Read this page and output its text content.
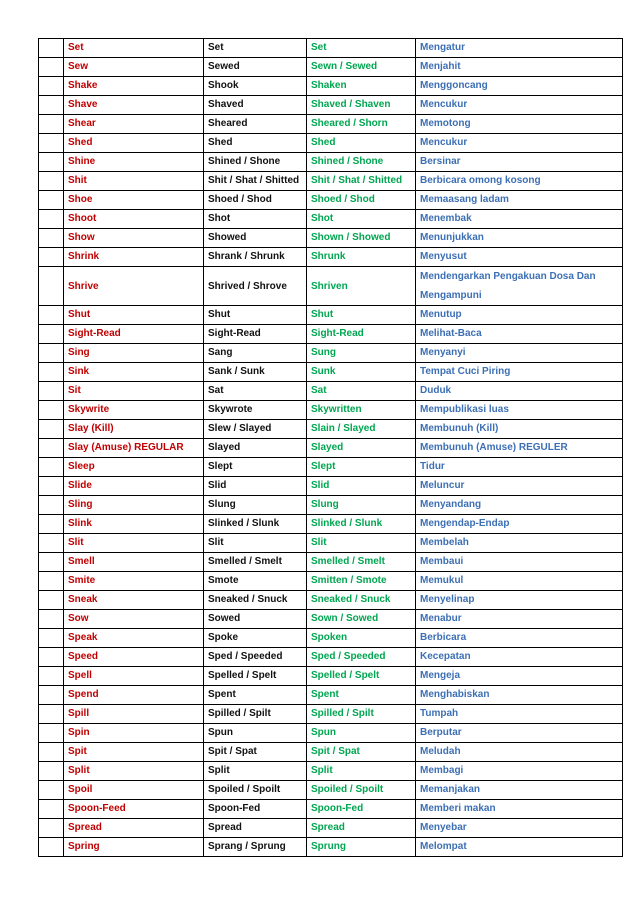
	Set	Set	Set	Mengatur
	Sew	Sewed	Sewn / Sewed	Menjahit
	Shake	Shook	Shaken	Menggoncang
	Shave	Shaved	Shaved / Shaven	Mencukur
	Shear	Sheared	Sheared / Shorn	Memotong
	Shed	Shed	Shed	Mencukur
	Shine	Shined / Shone	Shined / Shone	Bersinar
	Shit	Shit / Shat / Shitted	Shit / Shat / Shitted	Berbicara omong kosong
	Shoe	Shoed / Shod	Shoed / Shod	Memaasang ladam
	Shoot	Shot	Shot	Menembak
	Show	Showed	Shown / Showed	Menunjukkan
	Shrink	Shrank / Shrunk	Shrunk	Menyusut
	Shrive	Shrived / Shrove	Shriven	Mendengarkan Pengakuan Dosa Dan Mengampuni
	Shut	Shut	Shut	Menutup
	Sight-Read	Sight-Read	Sight-Read	Melihat-Baca
	Sing	Sang	Sung	Menyanyi
	Sink	Sank / Sunk	Sunk	Tempat Cuci Piring
	Sit	Sat	Sat	Duduk
	Skywrite	Skywrote	Skywritten	Mempublikasi luas
	Slay (Kill)	Slew / Slayed	Slain / Slayed	Membunuh (Kill)
	Slay (Amuse) REGULAR	Slayed	Slayed	Membunuh (Amuse) REGULER
	Sleep	Slept	Slept	Tidur
	Slide	Slid	Slid	Meluncur
	Sling	Slung	Slung	Menyandang
	Slink	Slinked / Slunk	Slinked / Slunk	Mengendap-Endap
	Slit	Slit	Slit	Membelah
	Smell	Smelled / Smelt	Smelled / Smelt	Membaui
	Smite	Smote	Smitten / Smote	Memukul
	Sneak	Sneaked / Snuck	Sneaked / Snuck	Menyelinap
	Sow	Sowed	Sown / Sowed	Menabur
	Speak	Spoke	Spoken	Berbicara
	Speed	Sped / Speeded	Sped / Speeded	Kecepatan
	Spell	Spelled / Spelt	Spelled / Spelt	Mengeja
	Spend	Spent	Spent	Menghabiskan
	Spill	Spilled / Spilt	Spilled / Spilt	Tumpah
	Spin	Spun	Spun	Berputar
	Spit	Spit / Spat	Spit / Spat	Meludah
	Split	Split	Split	Membagi
	Spoil	Spoiled / Spoilt	Spoiled / Spoilt	Memanjakan
	Spoon-Feed	Spoon-Fed	Spoon-Fed	Memberi makan
	Spread	Spread	Spread	Menyebar
	Spring	Sprang / Sprung	Sprung	Melompat
